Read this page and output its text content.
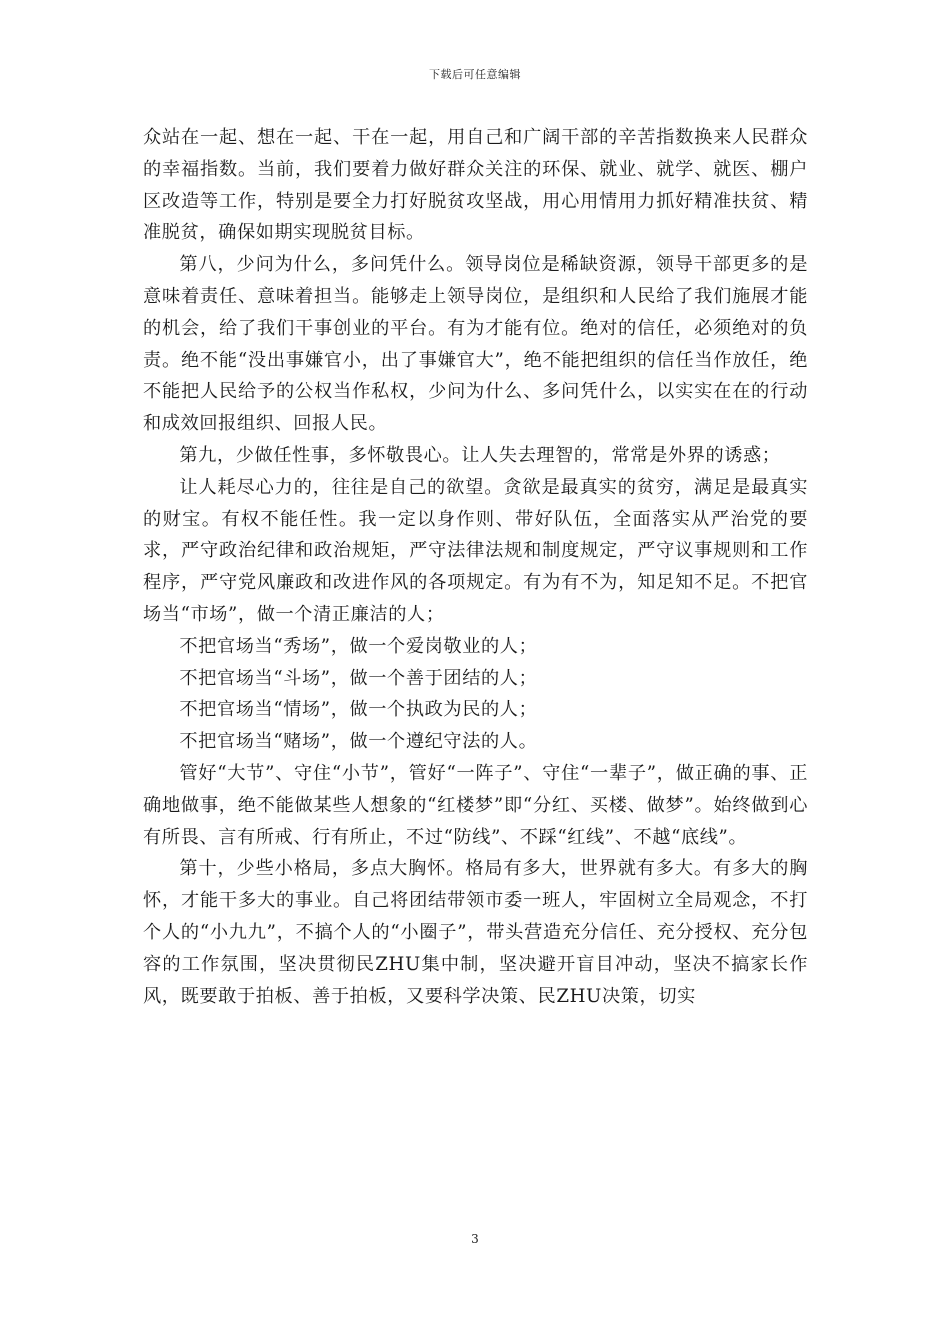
下载后可任意编辑

众站在一起、想在一起、干在一起，用自己和广阔干部的辛苦指数换来人民群众的幸福指数。当前，我们要着力做好群众关注的环保、就业、就学、就医、棚户区改造等工作，特别是要全力打好脱贫攻坚战，用心用情用力抓好精准扶贫、精准脱贫，确保如期实现脱贫目标。

第八，少问为什么，多问凭什么。领导岗位是稀缺资源，领导干部更多的是意味着责任、意味着担当。能够走上领导岗位，是组织和人民给了我们施展才能的机会，给了我们干事创业的平台。有为才能有位。绝对的信任，必须绝对的负责。绝不能“没出事嫌官小，出了事嫌官大”，绝不能把组织的信任当作放任，绝不能把人民给予的公权当作私权，少问为什么、多问凭什么，以实实在在的行动和成效回报组织、回报人民。

第九，少做任性事，多怀敬畏心。让人失去理智的，常常是外界的诱惑；

让人耗尽心力的，往往是自己的欲望。贪欲是最真实的贫穷，满足是最真实的财宝。有权不能任性。我一定以身作则、带好队伍，全面落实从严治党的要求，严守政治纪律和政治规矩，严守法律法规和制度规定，严守议事规则和工作程序，严守党风廉政和改进作风的各项规定。有为有不为，知足知不足。不把官场当“市场”，做一个清正廉洁的人；

不把官场当“秀场”，做一个爱岗敬业的人；

不把官场当“斗场”，做一个善于团结的人；

不把官场当“情场”，做一个执政为民的人；

不把官场当“赌场”，做一个遵纪守法的人。

管好“大节”、守住“小节”，管好“一阵子”、守住“一辈子”，做正确的事、正确地做事，绝不能做某些人想象的“红楼梦”即“分红、买楼、做梦”。始终做到心有所畏、言有所戒、行有所止，不过“防线”、不踩“红线”、不越“底线”。

第十，少些小格局，多点大胸怀。格局有多大，世界就有多大。有多大的胸怀，才能干多大的事业。自己将团结带领市委一班人，牢固树立全局观念，不打个人的“小九九”，不搞个人的“小圈子”，带头营造充分信任、充分授权、充分包容的工作氛围，坚决贯彻民ZHU集中制，坚决避开盲目冲动，坚决不搞家长作风，既要敢于拍板、善于拍板，又要科学决策、民ZHU决策，切实

3
